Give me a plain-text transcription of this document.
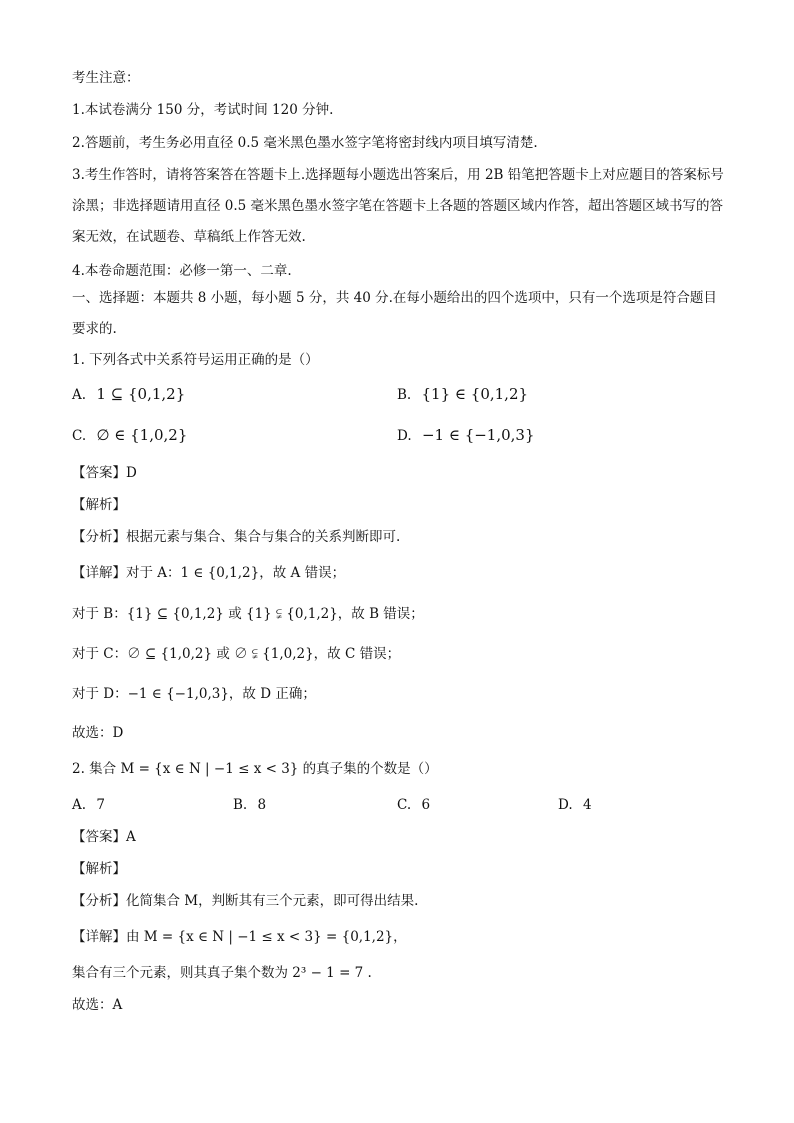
考生注意：
1.本试卷满分 150 分，考试时间 120 分钟.
2.答题前，考生务必用直径 0.5 毫米黑色墨水签字笔将密封线内项目填写清楚.
3.考生作答时，请将答案答在答题卡上.选择题每小题选出答案后，用 2B 铅笔把答题卡上对应题目的答案标号涂黑；非选择题请用直径 0.5 毫米黑色墨水签字笔在答题卡上各题的答题区域内作答，超出答题区域书写的答案无效，在试题卷、草稿纸上作答无效.
4.本卷命题范围：必修一第一、二章.
一、选择题：本题共 8 小题，每小题 5 分，共 40 分.在每小题给出的四个选项中，只有一个选项是符合题目要求的.
1. 下列各式中关系符号运用正确的是（）
A. 1 ⊆ {0,1,2}	B. {1} ∈ {0,1,2}
C. ∅ ∈ {1,0,2}	D. −1 ∈ {−1,0,3}
【答案】D
【解析】
【分析】根据元素与集合、集合与集合的关系判断即可.
【详解】对于 A：1 ∈ {0,1,2}，故 A 错误；
对于 B：{1} ⊆ {0,1,2} 或 {1} ⫋ {0,1,2}，故 B 错误；
对于 C：∅ ⊆ {1,0,2} 或 ∅ ⫋ {1,0,2}，故 C 错误；
对于 D：−1 ∈ {−1,0,3}，故 D 正确；
故选：D
2. 集合 M = {x ∈ N | −1 ≤ x < 3} 的真子集的个数是（）
A. 7	B. 8	C. 6	D. 4
【答案】A
【解析】
【分析】化简集合 M，判断其有三个元素，即可得出结果.
【详解】由 M = {x ∈ N | −1 ≤ x < 3} = {0,1,2}，
集合有三个元素，则其真子集个数为 2³ − 1 = 7 .
故选：A
